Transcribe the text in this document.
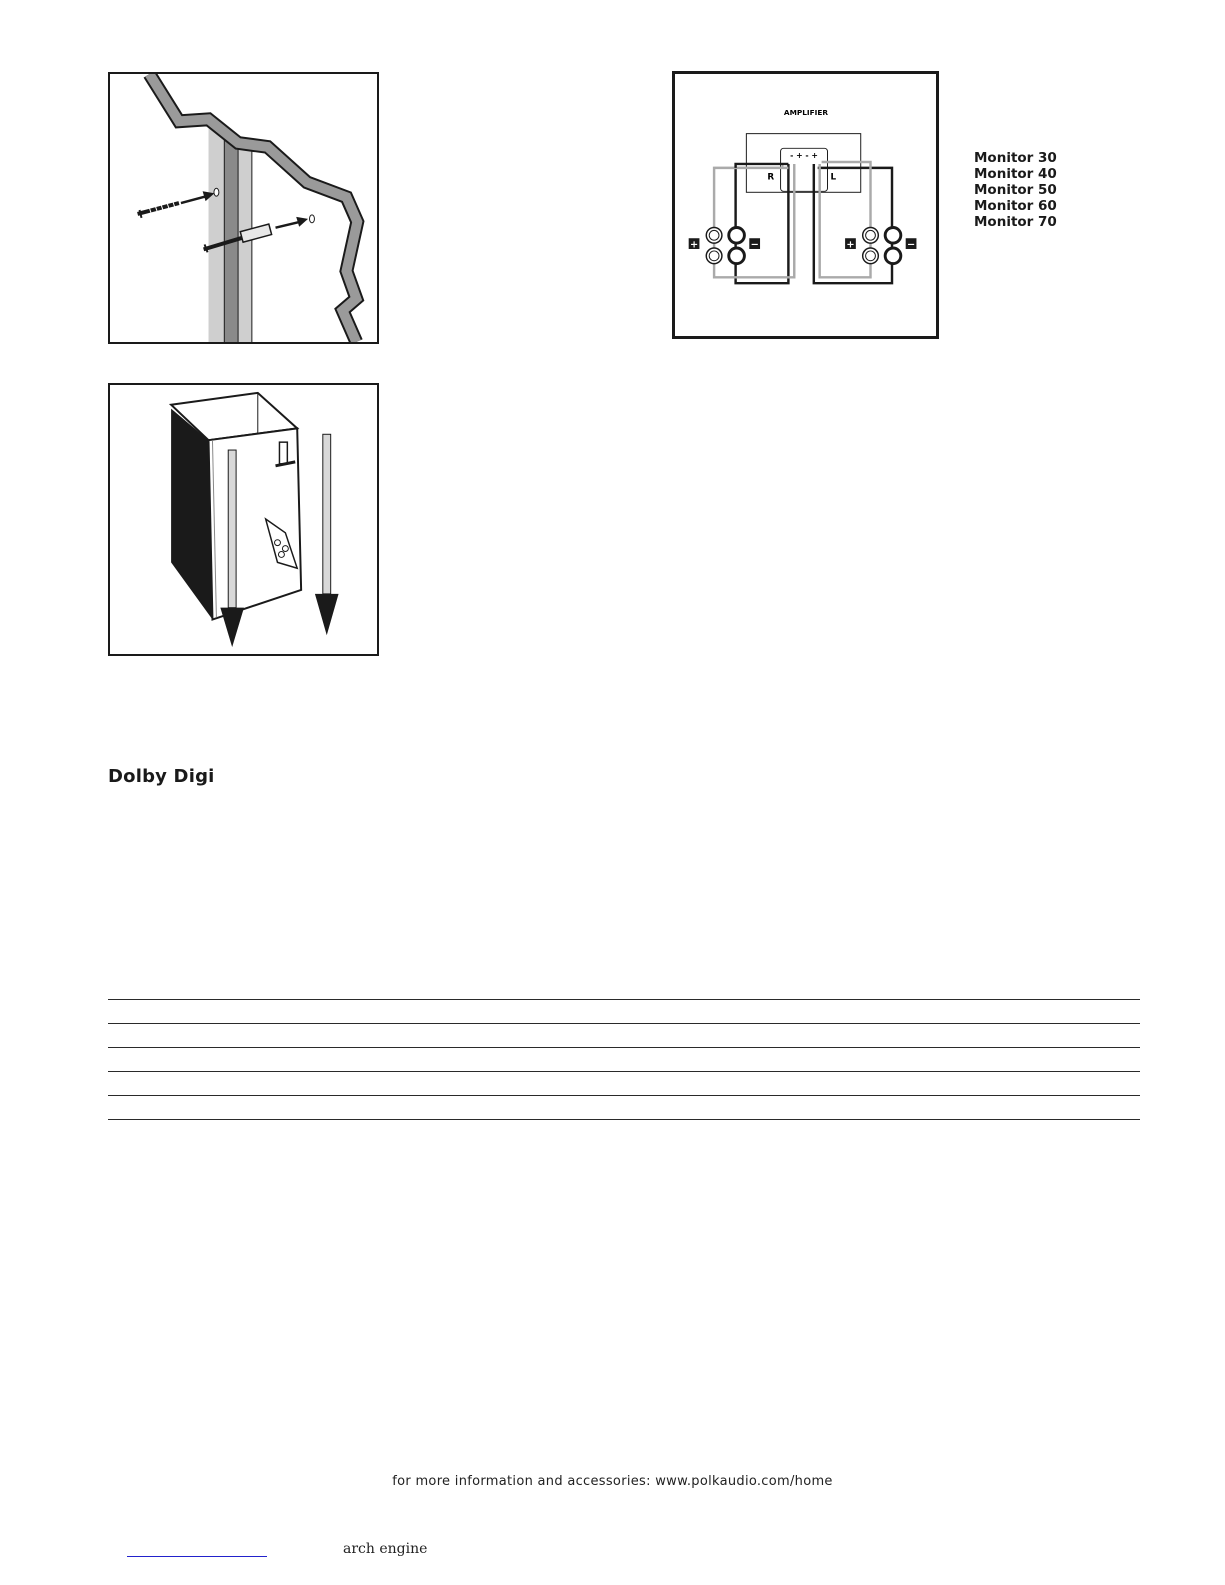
AMPLIFIER
- + - +
R	L
+	−	+	−
Monitor 30
Monitor 40
Monitor 50
Monitor 60
Monitor 70
Dolby Digi
for more information and accessories: www.polkaudio.com/home
arch engine
